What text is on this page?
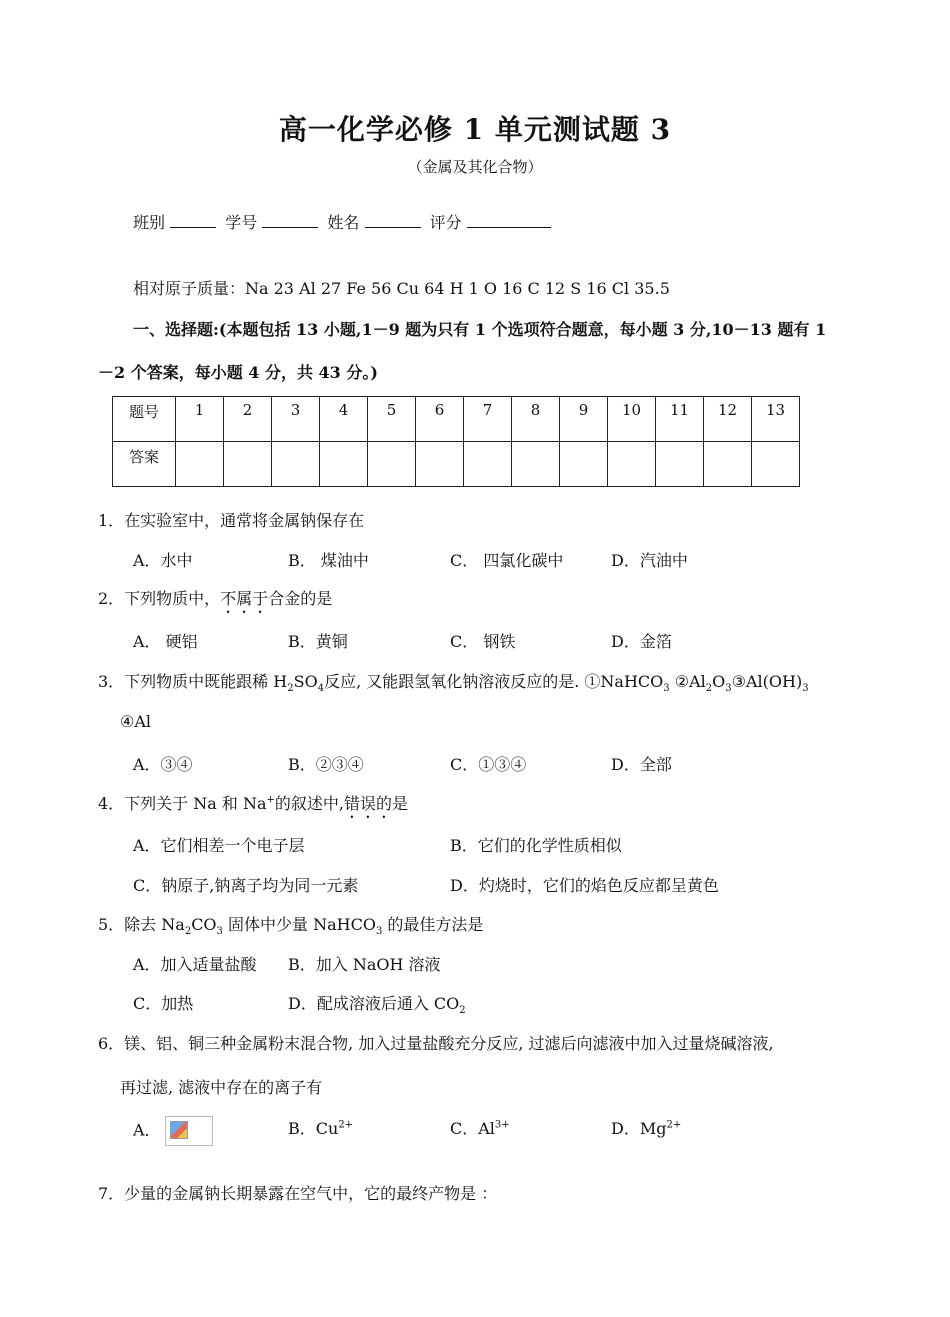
高一化学必修 1 单元测试题 3
（金属及其化合物）
班别	学号	姓名	评分
相对原子质量：Na 23 Al 27 Fe 56 Cu 64 H 1 O 16 C 12 S 16 Cl 35.5
一、选择题:(本题包括 13 小题,1－9 题为只有 1 个选项符合题意，每小题 3 分,10－13 题有 1
－2 个答案，每小题 4 分，共 43 分。)
题号	1	2	3	4	5	6	7	8	9	10	11	12	13
答案													
1．在实验室中，通常将金属钠保存在
A．水中	B． 煤油中	C． 四氯化碳中	D．汽油中
2．下列物质中，不属于合金的是
A． 硬铝	B．黄铜	C． 钢铁	D．金箔
3．下列物质中既能跟稀 $H_2SO_4$反应, 又能跟氢氧化钠溶液反应的是. ①NaHCO$_3$ $②Al_2O_3③Al(OH)_3$
④Al
A．③④	B．②③④	C．①③④	D．全部
4．下列关于 Na 和 Na+的叙述中,错误的是
A．它们相差一个电子层	B．它们的化学性质相似
C．钠原子,钠离子均为同一元素	D．灼烧时，它们的焰色反应都呈黄色
5．除去 $Na_2CO_3$ 固体中少量 NaHCO$_3$ 的最佳方法是
A．加入适量盐酸 B．加入 NaOH 溶液
C．加热	D．配成溶液后通入 $CO_2$
6．镁、铝、铜三种金属粉末混合物, 加入过量盐酸充分反应, 过滤后向滤液中加入过量烧碱溶液,
再过滤, 滤液中存在的离子有
A．	B．$Cu^{2+}$	C．$Al^{3+}$	D．$Mg^{2+}$
7．少量的金属钠长期暴露在空气中，它的最终产物是 ：
